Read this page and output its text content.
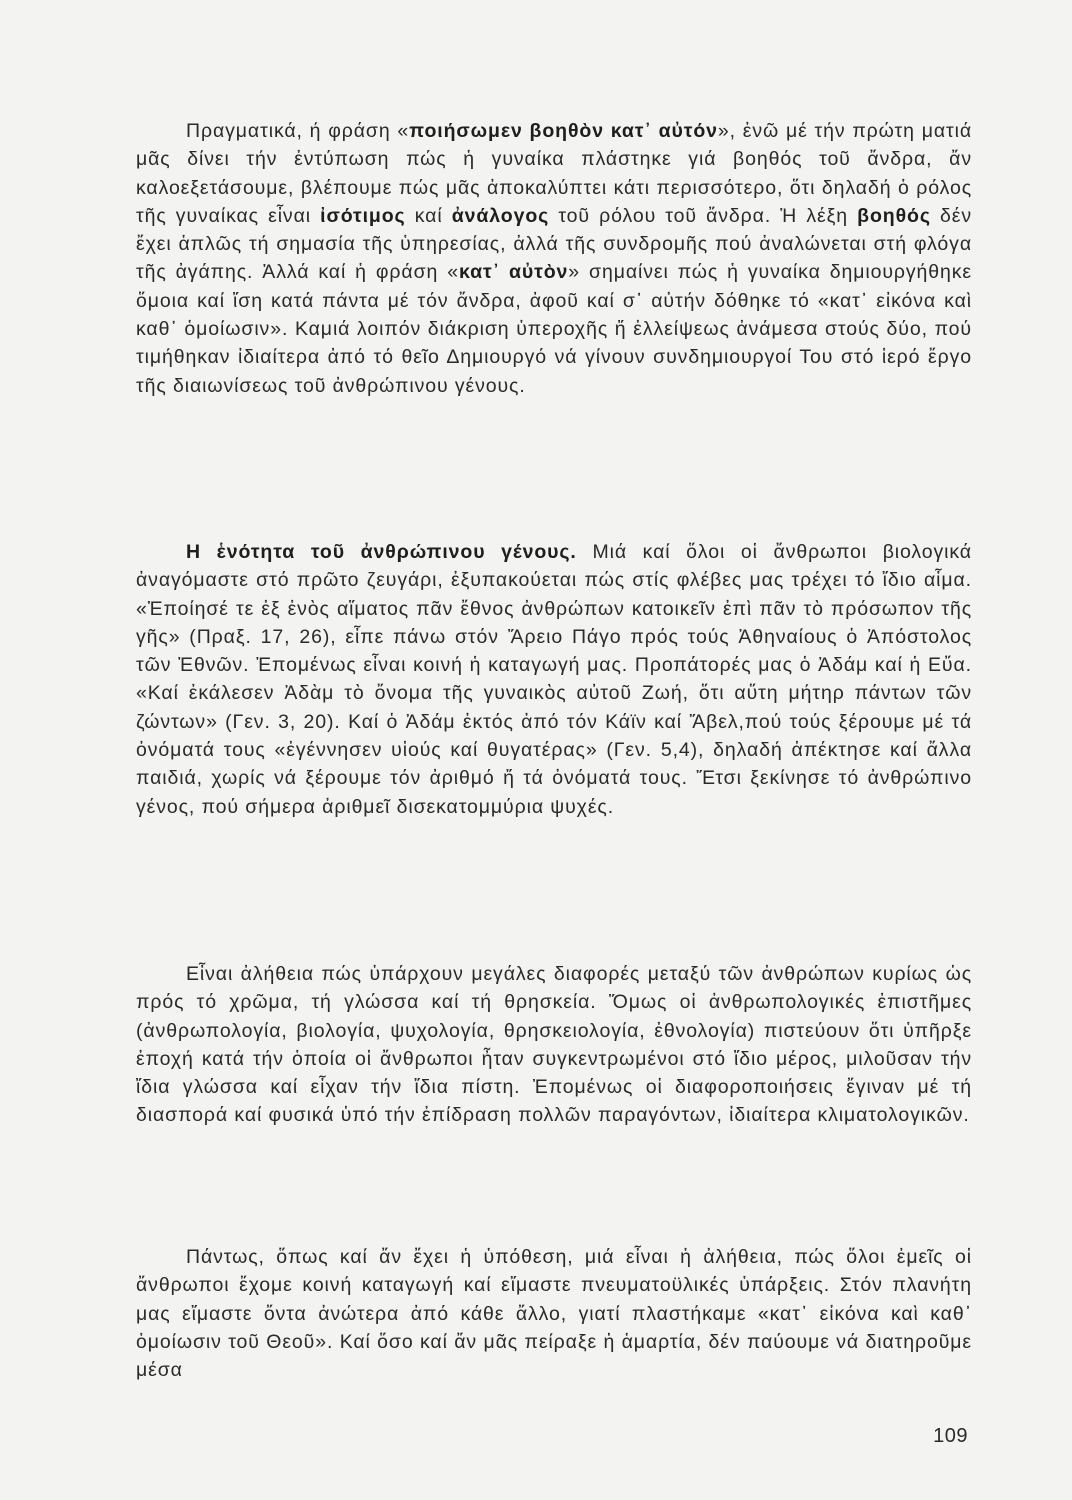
Πραγματικά, ή φράση «ποιήσωμεν βοηθὸν κατ᾽ αὐτόν», ἐνῶ μέ τήν πρώτη ματιά μᾶς δίνει τήν ἐντύπωση πώς ἡ γυναίκα πλάστηκε γιά βοηθός τοῦ ἄνδρα, ἄν καλοεξετάσουμε, βλέπουμε πώς μᾶς ἀποκαλύπτει κάτι περισσότερο, ὅτι δηλαδή ὁ ρόλος τῆς γυναίκας εἶναι ἰσότιμος καί ἀνάλογος τοῦ ρόλου τοῦ ἄνδρα. Ἡ λέξη βοηθός δέν ἔχει ἁπλῶς τή σημασία τῆς ὑπηρεσίας, ἀλλά τῆς συνδρομῆς πού ἀναλώνεται στή φλόγα τῆς ἀγάπης. Ἀλλά καί ἡ φράση «κατ᾽ αὐτὸν» σημαίνει πώς ἡ γυναίκα δημιουργήθηκε ὅμοια καί ἴση κατά πάντα μέ τόν ἄνδρα, ἀφοῦ καί σ᾽ αὐτήν δόθηκε τό «κατ᾽ εἰκόνα καὶ καθ᾽ ὁμοίωσιν». Καμιά λοιπόν διάκριση ὑπεροχῆς ἤ ἐλλείψεως ἀνάμεσα στούς δύο, πού τιμήθηκαν ἰδιαίτερα ἀπό τό θεῖο Δημιουργό νά γίνουν συνδημιουργοί Του στό ἱερό ἔργο τῆς διαιωνίσεως τοῦ ἀνθρώπινου γένους.

Η ἑνότητα τοῦ ἀνθρώπινου γένους. Μιά καί ὅλοι οἱ ἄνθρωποι βιολογικά ἀναγόμαστε στό πρῶτο ζευγάρι, ἐξυπακούεται πώς στίς φλέβες μας τρέχει τό ἴδιο αἷμα. «Ἐποίησέ τε ἐξ ἑνὸς αἵματος πᾶν ἔθνος ἀνθρώπων κατοικεῖν ἐπὶ πᾶν τὸ πρόσωπον τῆς γῆς» (Πραξ. 17, 26), εἶπε πάνω στόν Ἄρειο Πάγο πρός τούς Ἀθηναίους ὁ Ἀπόστολος τῶν Ἐθνῶν. Ἐπομένως εἶναι κοινή ἡ καταγωγή μας. Προπάτορές μας ὁ Ἀδάμ καί ἡ Εὔα. «Καί ἐκάλεσεν Ἀδὰμ τὸ ὄνομα τῆς γυναικὸς αὐτοῦ Ζωή, ὅτι αὕτη μήτηρ πάντων τῶν ζώντων» (Γεν. 3, 20). Καί ὁ Ἀδάμ ἐκτός ἀπό τόν Κάϊν καί Ἄβελ,πού τούς ξέρουμε μέ τά ὀνόματά τους «ἐγέννησεν υἱούς καί θυγατέρας» (Γεν. 5,4), δηλαδή ἀπέκτησε καί ἄλλα παιδιά, χωρίς νά ξέρουμε τόν ἀριθμό ἤ τά ὀνόματά τους. Ἔτσι ξεκίνησε τό ἀνθρώπινο γένος, πού σήμερα ἀριθμεῖ δισεκατομμύρια ψυχές.

Εἶναι ἀλήθεια πώς ὑπάρχουν μεγάλες διαφορές μεταξύ τῶν ἀνθρώπων κυρίως ὡς πρός τό χρῶμα, τή γλώσσα καί τή θρησκεία. Ὅμως οἱ ἀνθρωπολογικές ἐπιστῆμες (ἀνθρωπολογία, βιολογία, ψυχολογία, θρησκειολογία, ἐθνολογία) πιστεύουν ὅτι ὑπῆρξε ἐποχή κατά τήν ὁποία οἱ ἄνθρωποι ἦταν συγκεντρωμένοι στό ἴδιο μέρος, μιλοῦσαν τήν ἴδια γλώσσα καί εἶχαν τήν ἴδια πίστη. Ἐπομένως οἱ διαφοροποιήσεις ἔγιναν μέ τή διασπορά καί φυσικά ὑπό τήν ἐπίδραση πολλῶν παραγόντων, ἰδιαίτερα κλιματολογικῶν.

Πάντως, ὅπως καί ἄν ἔχει ἡ ὑπόθεση, μιά εἶναι ἡ ἀλήθεια, πώς ὅλοι ἐμεῖς οἱ ἄνθρωποι ἔχομε κοινή καταγωγή καί εἴμαστε πνευματοϋλικές ὑπάρξεις. Στόν πλανήτη μας εἴμαστε ὄντα ἀνώτερα ἀπό κάθε ἄλλο, γιατί πλαστήκαμε «κατ᾽ εἰκόνα καὶ καθ᾽ ὁμοίωσιν τοῦ Θεοῦ». Καί ὅσο καί ἄν μᾶς πείραξε ἡ ἁμαρτία, δέν παύουμε νά διατηροῦμε μέσα

109
